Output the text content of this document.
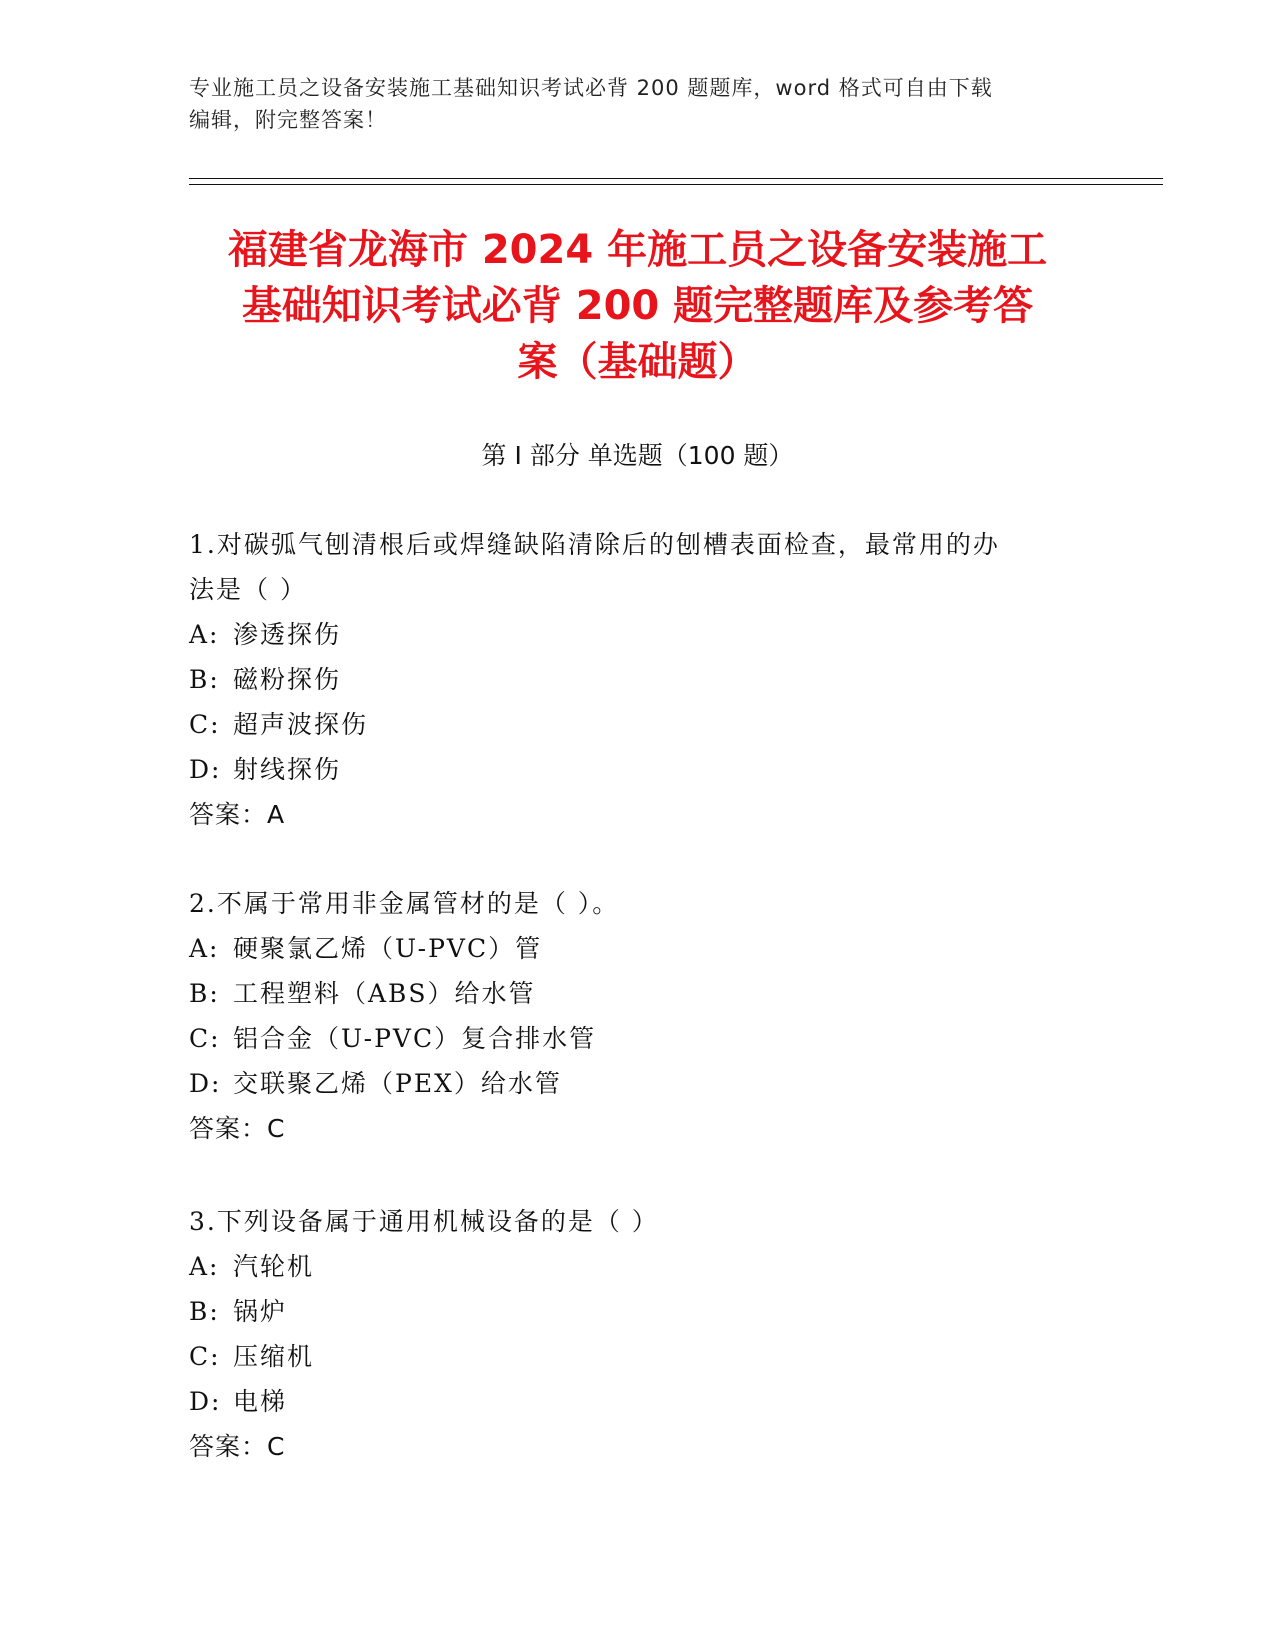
专业施工员之设备安装施工基础知识考试必背 200 题题库，word 格式可自由下载
编辑，附完整答案！
福建省龙海市 2024 年施工员之设备安装施工
基础知识考试必背 200 题完整题库及参考答
案（基础题）
第 I 部分 单选题（100 题）

1.对碳弧气刨清根后或焊缝缺陷清除后的刨槽表面检查，最常用的办

法是（ ）

A: 渗透探伤

B: 磁粉探伤

C: 超声波探伤

D: 射线探伤

答案：A

2.不属于常用非金属管材的是（ ）。

A: 硬聚氯乙烯（U-PVC）管

B: 工程塑料（ABS）给水管

C: 铝合金（U-PVC）复合排水管

D: 交联聚乙烯（PEX）给水管

答案：C

3.下列设备属于通用机械设备的是（ ）

A: 汽轮机

B: 锅炉

C: 压缩机

D: 电梯

答案：C
